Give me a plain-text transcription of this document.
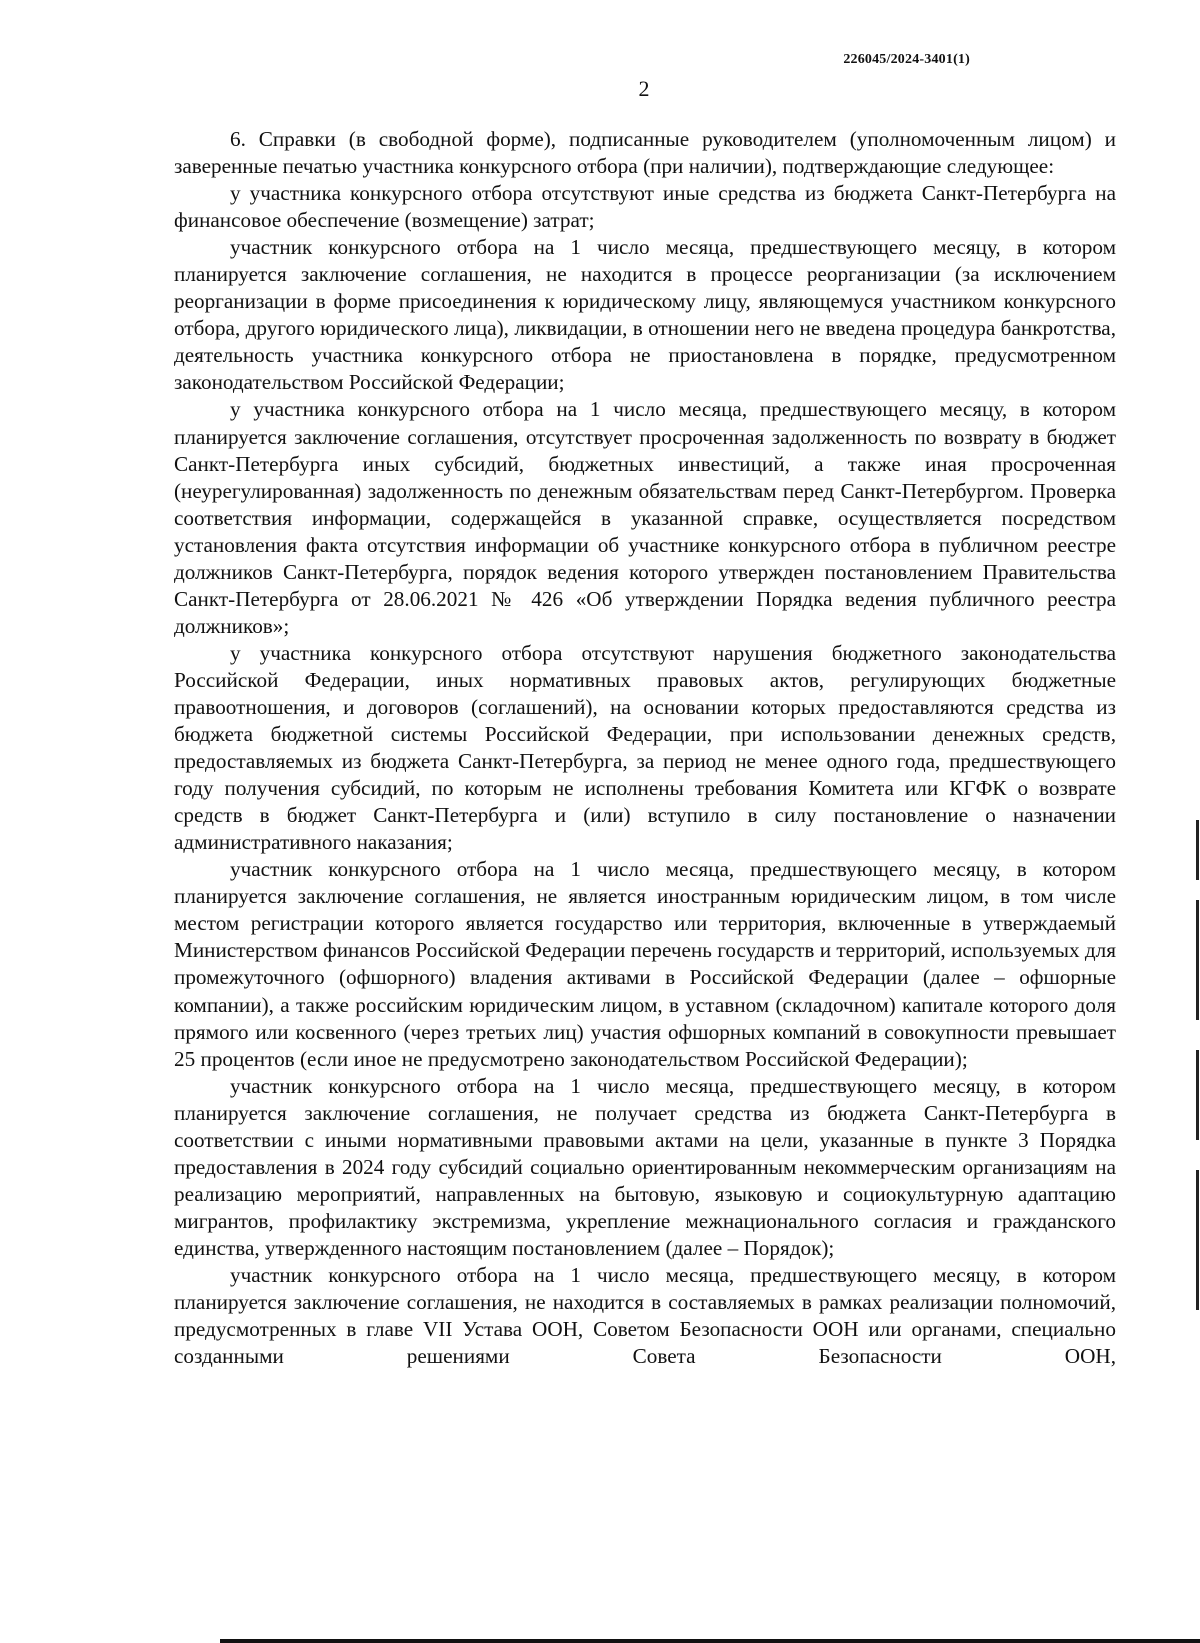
226045/2024-3401(1)
2

6. Справки (в свободной форме), подписанные руководителем (уполномоченным лицом) и заверенные печатью участника конкурсного отбора (при наличии), подтверждающие следующее:

у участника конкурсного отбора отсутствуют иные средства из бюджета Санкт-Петербурга на финансовое обеспечение (возмещение) затрат;

участник конкурсного отбора на 1 число месяца, предшествующего месяцу, в котором планируется заключение соглашения, не находится в процессе реорганизации (за исключением реорганизации в форме присоединения к юридическому лицу, являющемуся участником конкурсного отбора, другого юридического лица), ликвидации, в отношении него не введена процедура банкротства, деятельность участника конкурсного отбора не приостановлена в порядке, предусмотренном законодательством Российской Федерации;

у участника конкурсного отбора на 1 число месяца, предшествующего месяцу, в котором планируется заключение соглашения, отсутствует просроченная задолженность по возврату в бюджет Санкт-Петербурга иных субсидий, бюджетных инвестиций, а также иная просроченная (неурегулированная) задолженность по денежным обязательствам перед Санкт-Петербургом. Проверка соответствия информации, содержащейся в указанной справке, осуществляется посредством установления факта отсутствия информации об участнике конкурсного отбора в публичном реестре должников Санкт-Петербурга, порядок ведения которого утвержден постановлением Правительства Санкт-Петербурга от 28.06.2021 № 426 «Об утверждении Порядка ведения публичного реестра должников»;

у участника конкурсного отбора отсутствуют нарушения бюджетного законодательства Российской Федерации, иных нормативных правовых актов, регулирующих бюджетные правоотношения, и договоров (соглашений), на основании которых предоставляются средства из бюджета бюджетной системы Российской Федерации, при использовании денежных средств, предоставляемых из бюджета Санкт-Петербурга, за период не менее одного года, предшествующего году получения субсидий, по которым не исполнены требования Комитета или КГФК о возврате средств в бюджет Санкт-Петербурга и (или) вступило в силу постановление о назначении административного наказания;

участник конкурсного отбора на 1 число месяца, предшествующего месяцу, в котором планируется заключение соглашения, не является иностранным юридическим лицом, в том числе местом регистрации которого является государство или территория, включенные в утверждаемый Министерством финансов Российской Федерации перечень государств и территорий, используемых для промежуточного (офшорного) владения активами в Российской Федерации (далее – офшорные компании), а также российским юридическим лицом, в уставном (складочном) капитале которого доля прямого или косвенного (через третьих лиц) участия офшорных компаний в совокупности превышает 25 процентов (если иное не предусмотрено законодательством Российской Федерации);

участник конкурсного отбора на 1 число месяца, предшествующего месяцу, в котором планируется заключение соглашения, не получает средства из бюджета Санкт-Петербурга в соответствии с иными нормативными правовыми актами на цели, указанные в пункте 3 Порядка предоставления в 2024 году субсидий социально ориентированным некоммерческим организациям на реализацию мероприятий, направленных на бытовую, языковую и социокультурную адаптацию мигрантов, профилактику экстремизма, укрепление межнационального согласия и гражданского единства, утвержденного настоящим постановлением (далее – Порядок);

участник конкурсного отбора на 1 число месяца, предшествующего месяцу, в котором планируется заключение соглашения, не находится в составляемых в рамках реализации полномочий, предусмотренных в главе VII Устава ООН, Советом Безопасности ООН или органами, специально созданными решениями Совета Безопасности ООН,
